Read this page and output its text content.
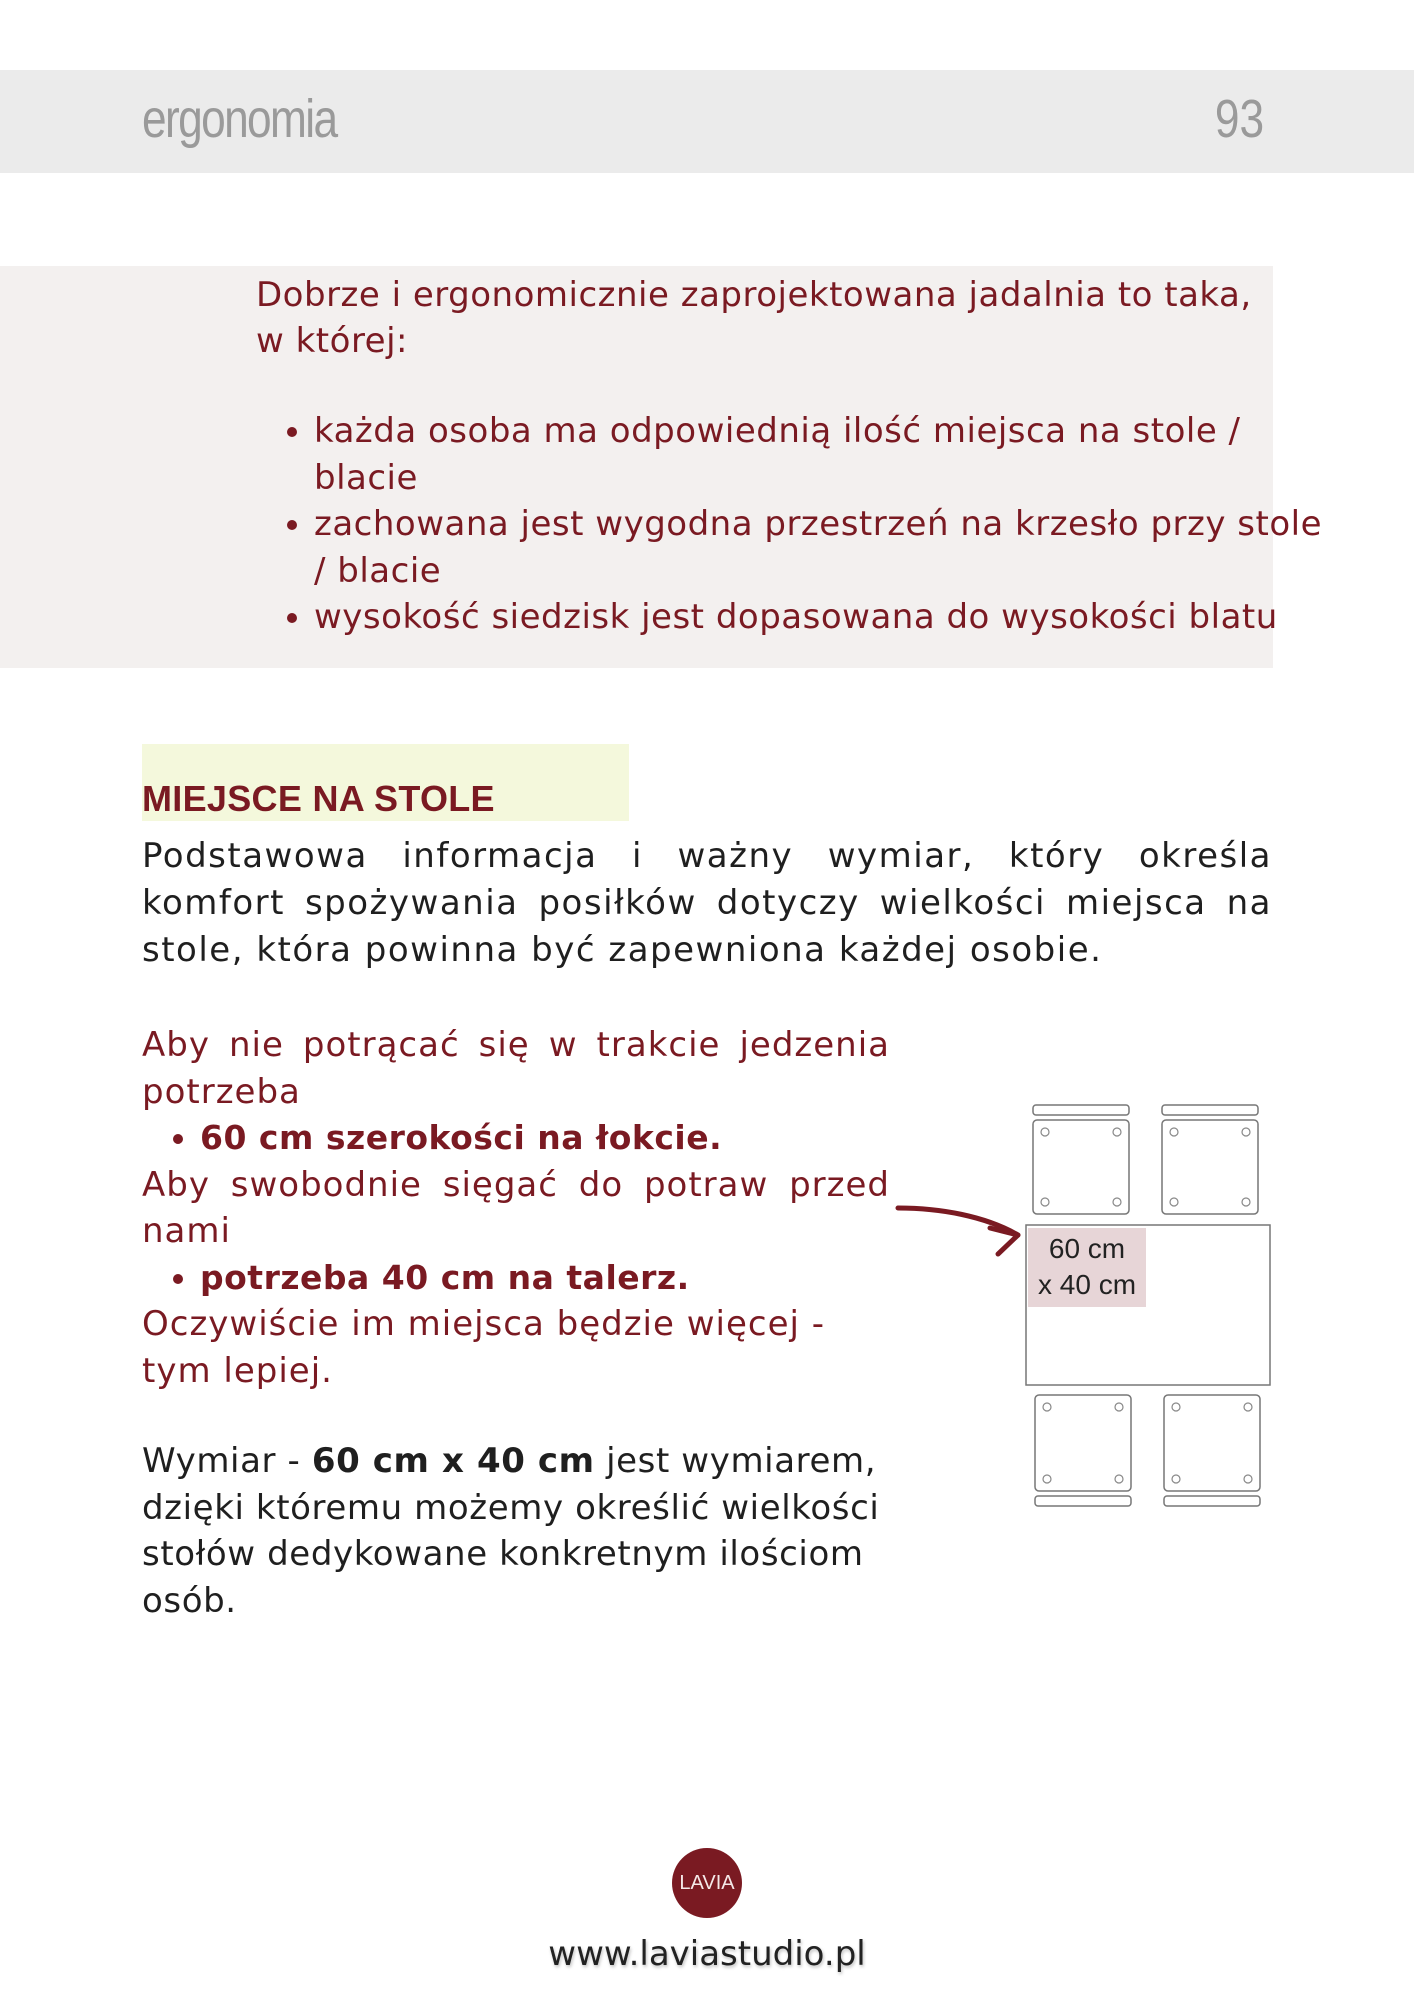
ergonomia	93

Dobrze i ergonomicznie zaprojektowana jadalnia to taka, w której:

• każda osoba ma odpowiednią ilość miejsca na stole / blacie
• zachowana jest wygodna przestrzeń na krzesło przy stole / blacie
• wysokość siedzisk jest dopasowana do wysokości blatu
MIEJSCE NA STOLE

Podstawowa informacja i ważny wymiar, który określa komfort spożywania posiłków dotyczy wielkości miejsca na stole, która powinna być zapewniona każdej osobie.

Aby nie potrącać się w trakcie jedzenia potrzeba

• 60 cm szerokości na łokcie.

Aby swobodnie sięgać do potraw przed nami

• potrzeba 40 cm na talerz.

Oczywiście im miejsca będzie więcej - tym lepiej.

Wymiar - 60 cm x 40 cm jest wymiarem, dzięki któremu możemy określić wielkości stołów dedykowane konkretnym ilościom osób.

60 cm
x 40 cm
LAVIA
www.laviastudio.pl
